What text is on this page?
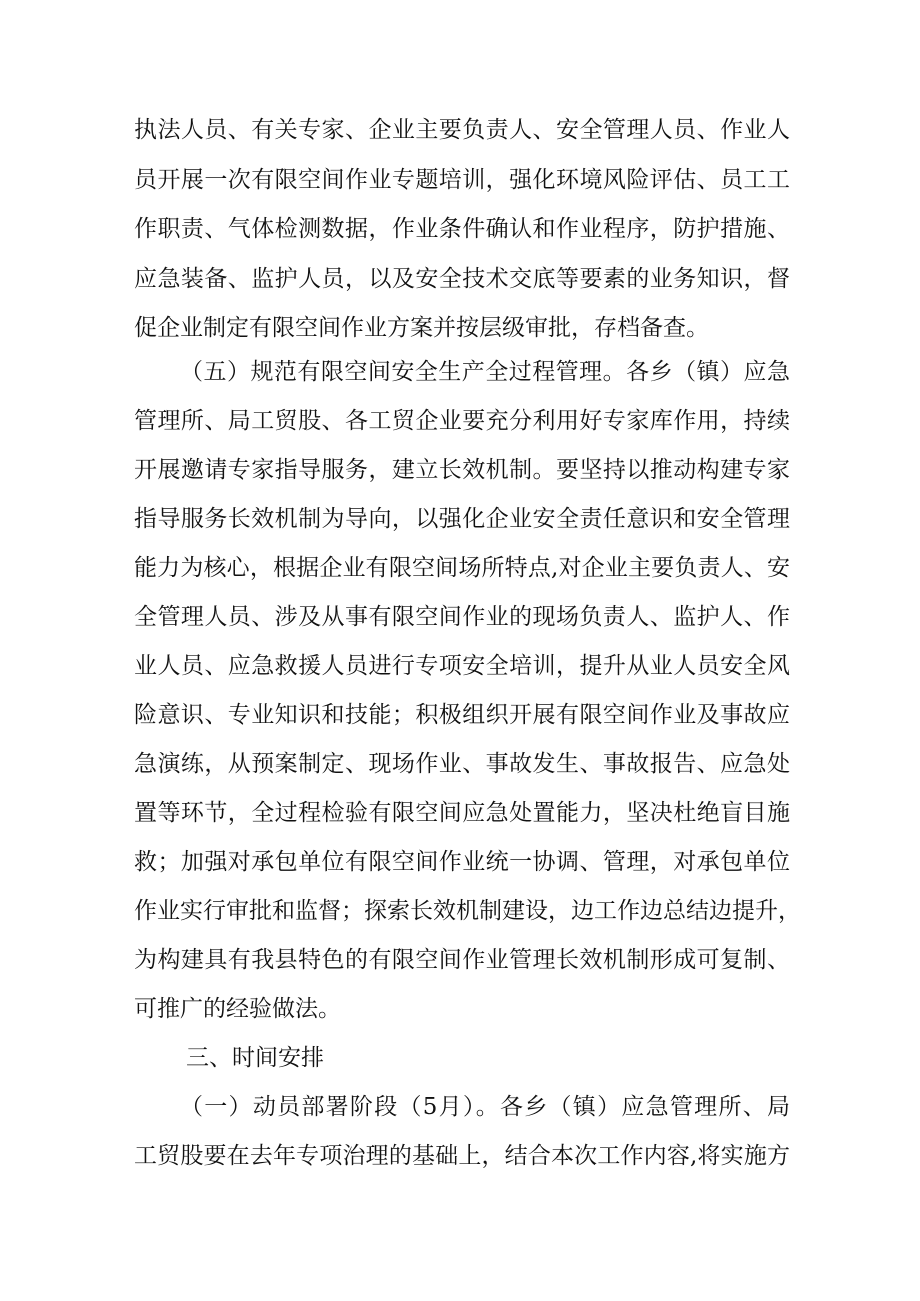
执法人员、有关专家、企业主要负责人、安全管理人员、作业人
员开展一次有限空间作业专题培训，强化环境风险评估、员工工
作职责、气体检测数据，作业条件确认和作业程序，防护措施、
应急装备、监护人员，以及安全技术交底等要素的业务知识，督
促企业制定有限空间作业方案并按层级审批，存档备查。
（五）规范有限空间安全生产全过程管理。各乡（镇）应急
管理所、局工贸股、各工贸企业要充分利用好专家库作用，持续
开展邀请专家指导服务，建立长效机制。要坚持以推动构建专家
指导服务长效机制为导向，以强化企业安全责任意识和安全管理
能力为核心，根据企业有限空间场所特点,对企业主要负责人、安
全管理人员、涉及从事有限空间作业的现场负责人、监护人、作
业人员、应急救援人员进行专项安全培训，提升从业人员安全风
险意识、专业知识和技能；积极组织开展有限空间作业及事故应
急演练，从预案制定、现场作业、事故发生、事故报告、应急处
置等环节，全过程检验有限空间应急处置能力，坚决杜绝盲目施
救；加强对承包单位有限空间作业统一协调、管理，对承包单位
作业实行审批和监督；探索长效机制建设，边工作边总结边提升，
为构建具有我县特色的有限空间作业管理长效机制形成可复制、
可推广的经验做法。
三、时间安排
（一）动员部署阶段（5月）。各乡（镇）应急管理所、局
工贸股要在去年专项治理的基础上，结合本次工作内容,将实施方
